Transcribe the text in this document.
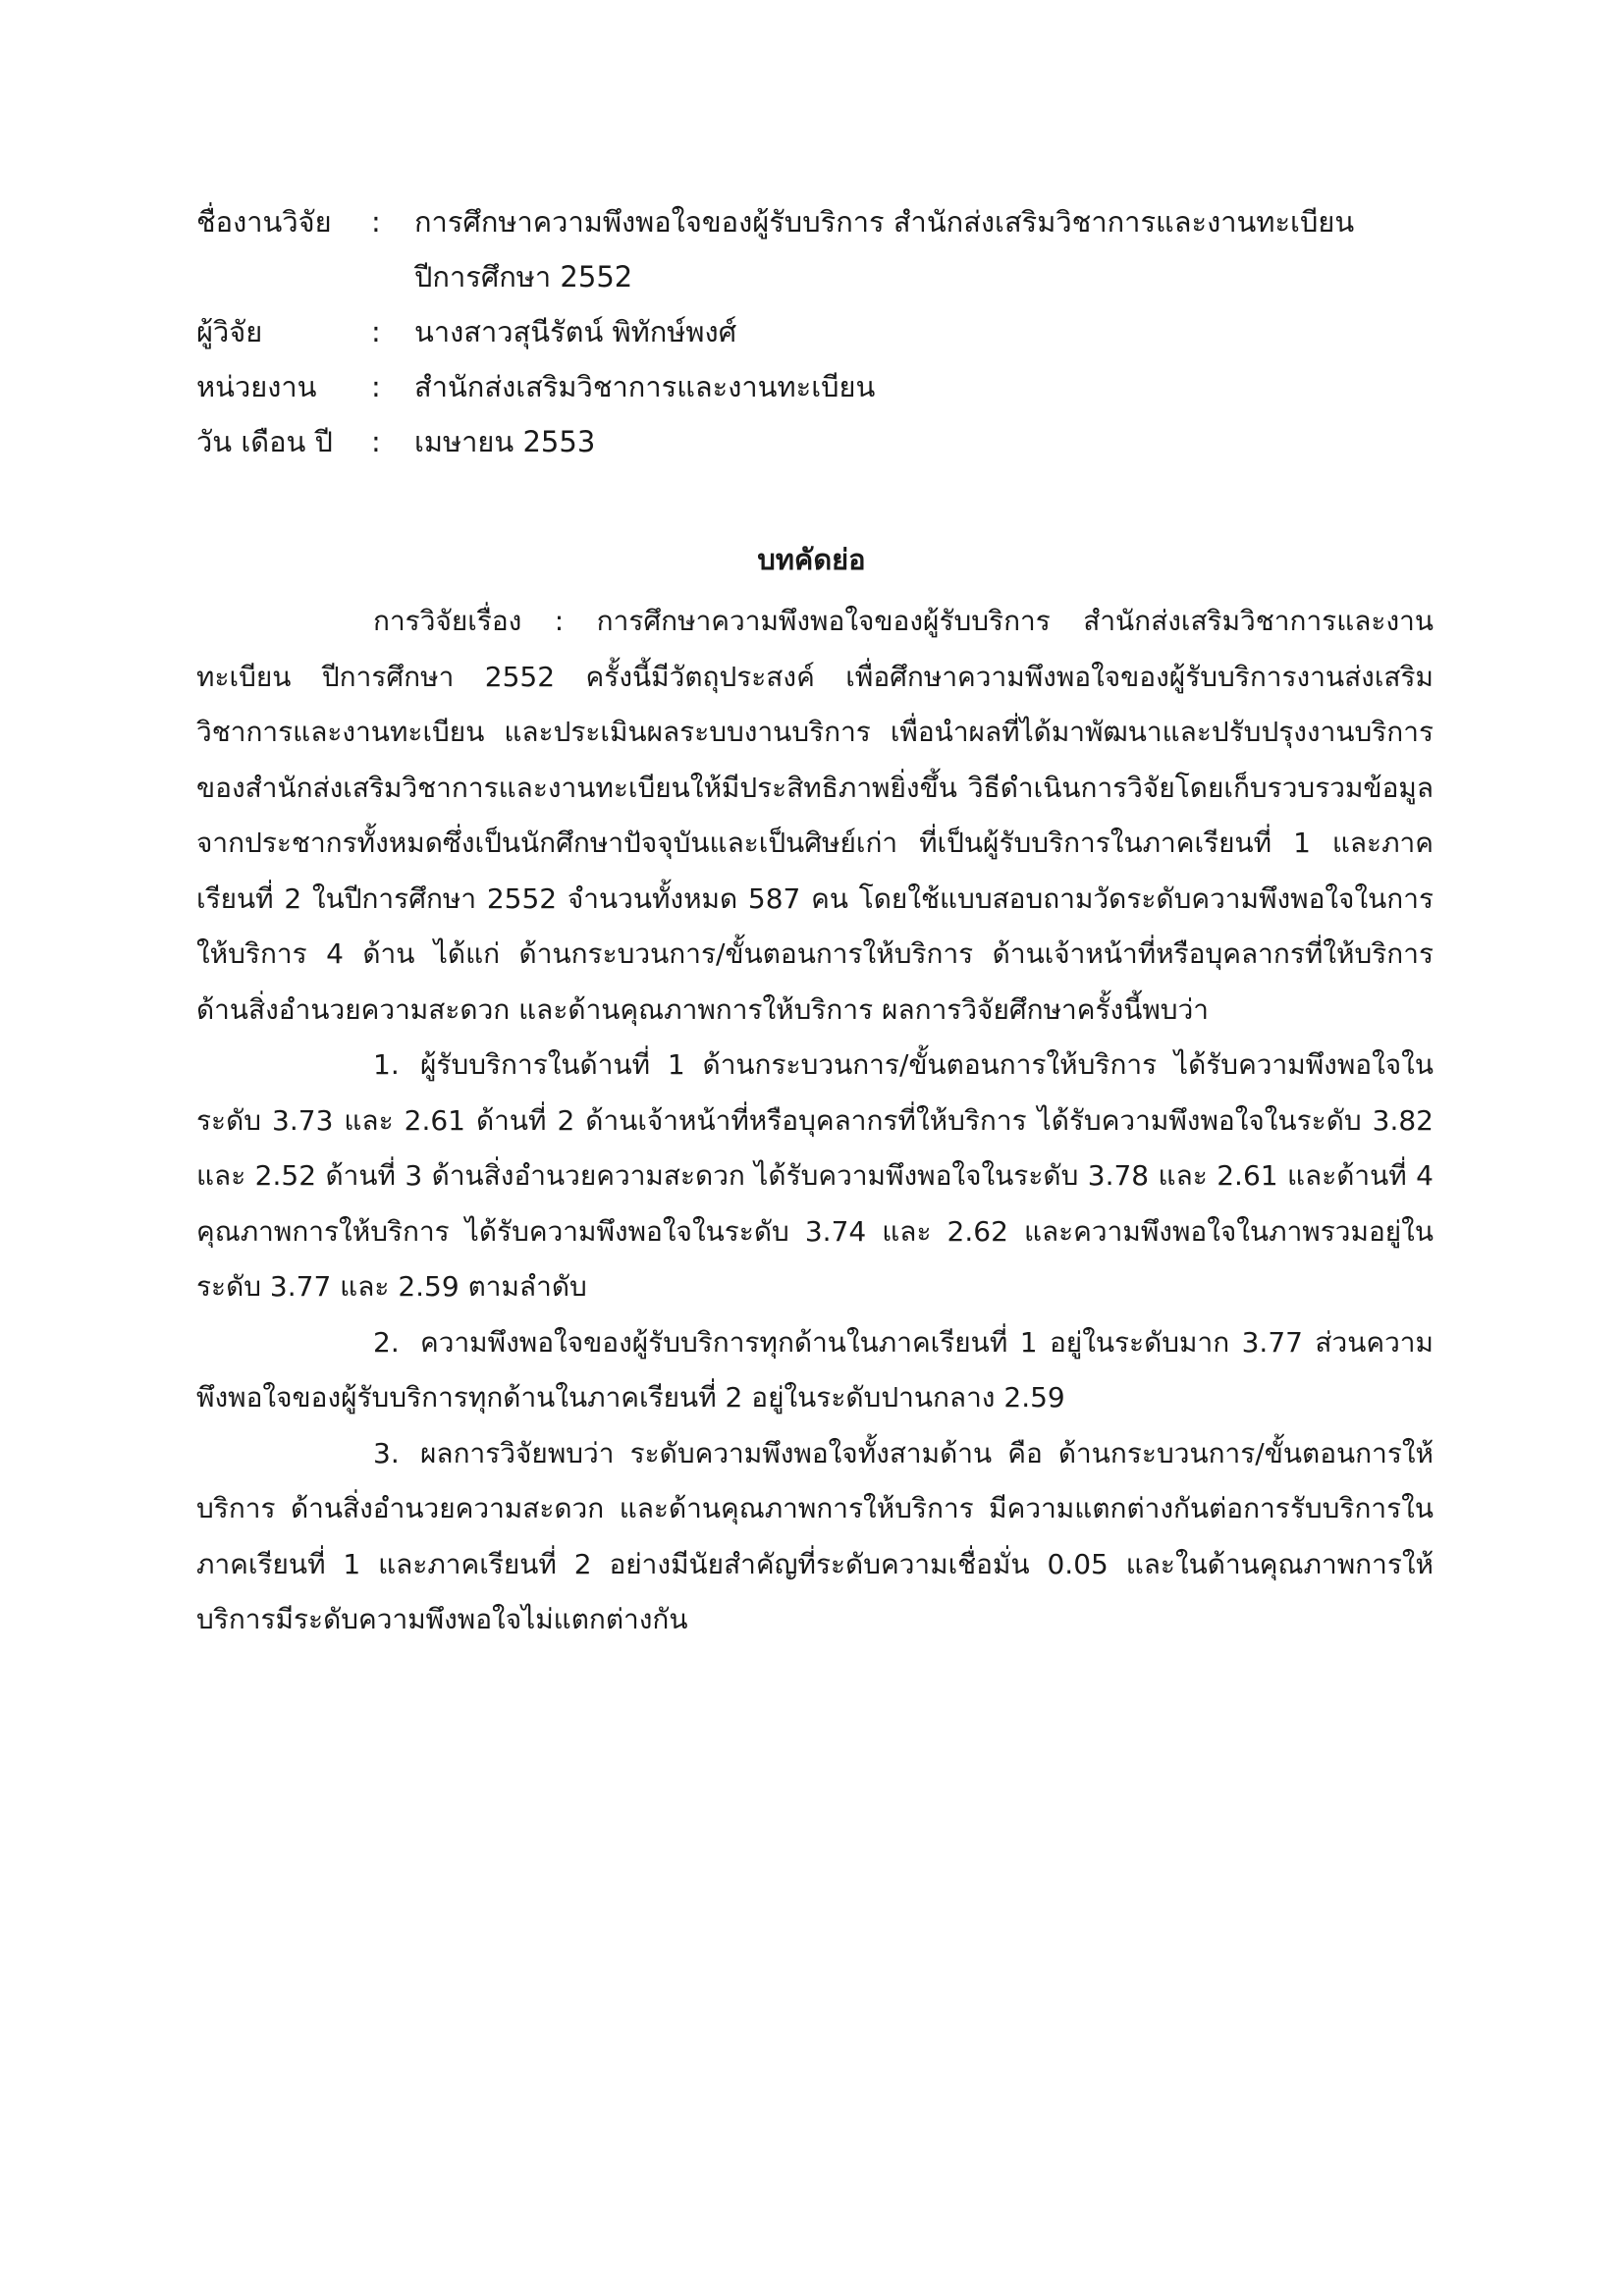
ชื่องานวิจัย : การศึกษาความพึงพอใจของผู้รับบริการ สำนักส่งเสริมวิชาการและงานทะเบียน
ปีการศึกษา 2552
ผู้วิจัย	: นางสาวสุนีรัตน์ พิทักษ์พงศ์
หน่วยงาน : สำนักส่งเสริมวิชาการและงานทะเบียน
วัน เดือน ปี : เมษายน 2553
บทคัดย่อ

การวิจัยเรื่อง : การศึกษาความพึงพอใจของผู้รับบริการ สำนักส่งเสริมวิชาการและงานทะเบียน ปีการศึกษา 2552 ครั้งนี้มีวัตถุประสงค์ เพื่อศึกษาความพึงพอใจของผู้รับบริการงานส่งเสริมวิชาการและงานทะเบียน และประเมินผลระบบงานบริการ เพื่อนำผลที่ได้มาพัฒนาและปรับปรุงงานบริการของสำนักส่งเสริมวิชาการและงานทะเบียนให้มีประสิทธิภาพยิ่งขึ้น วิธีดำเนินการวิจัยโดยเก็บรวบรวมข้อมูลจากประชากรทั้งหมดซึ่งเป็นนักศึกษาปัจจุบันและเป็นศิษย์เก่า ที่เป็นผู้รับบริการในภาคเรียนที่ 1 และภาคเรียนที่ 2 ในปีการศึกษา 2552 จำนวนทั้งหมด 587 คน โดยใช้แบบสอบถามวัดระดับความพึงพอใจในการให้บริการ 4 ด้าน ได้แก่ ด้านกระบวนการ/ขั้นตอนการให้บริการ ด้านเจ้าหน้าที่หรือบุคลากรที่ให้บริการด้านสิ่งอำนวยความสะดวก และด้านคุณภาพการให้บริการ ผลการวิจัยศึกษาครั้งนี้พบว่า

1. ผู้รับบริการในด้านที่ 1 ด้านกระบวนการ/ขั้นตอนการให้บริการ ได้รับความพึงพอใจในระดับ 3.73 และ 2.61 ด้านที่ 2 ด้านเจ้าหน้าที่หรือบุคลากรที่ให้บริการ ได้รับความพึงพอใจในระดับ 3.82 และ 2.52 ด้านที่ 3 ด้านสิ่งอำนวยความสะดวก ได้รับความพึงพอใจในระดับ 3.78 และ 2.61 และด้านที่ 4 คุณภาพการให้บริการ ได้รับความพึงพอใจในระดับ 3.74 และ 2.62 และความพึงพอใจในภาพรวมอยู่ในระดับ 3.77 และ 2.59 ตามลำดับ

2. ความพึงพอใจของผู้รับบริการทุกด้านในภาคเรียนที่ 1 อยู่ในระดับมาก 3.77 ส่วนความพึงพอใจของผู้รับบริการทุกด้านในภาคเรียนที่ 2 อยู่ในระดับปานกลาง 2.59

3. ผลการวิจัยพบว่า ระดับความพึงพอใจทั้งสามด้าน คือ ด้านกระบวนการ/ขั้นตอนการให้บริการ ด้านสิ่งอำนวยความสะดวก และด้านคุณภาพการให้บริการ มีความแตกต่างกันต่อการรับบริการในภาคเรียนที่ 1 และภาคเรียนที่ 2 อย่างมีนัยสำคัญที่ระดับความเชื่อมั่น 0.05 และในด้านคุณภาพการให้บริการมีระดับความพึงพอใจไม่แตกต่างกัน
